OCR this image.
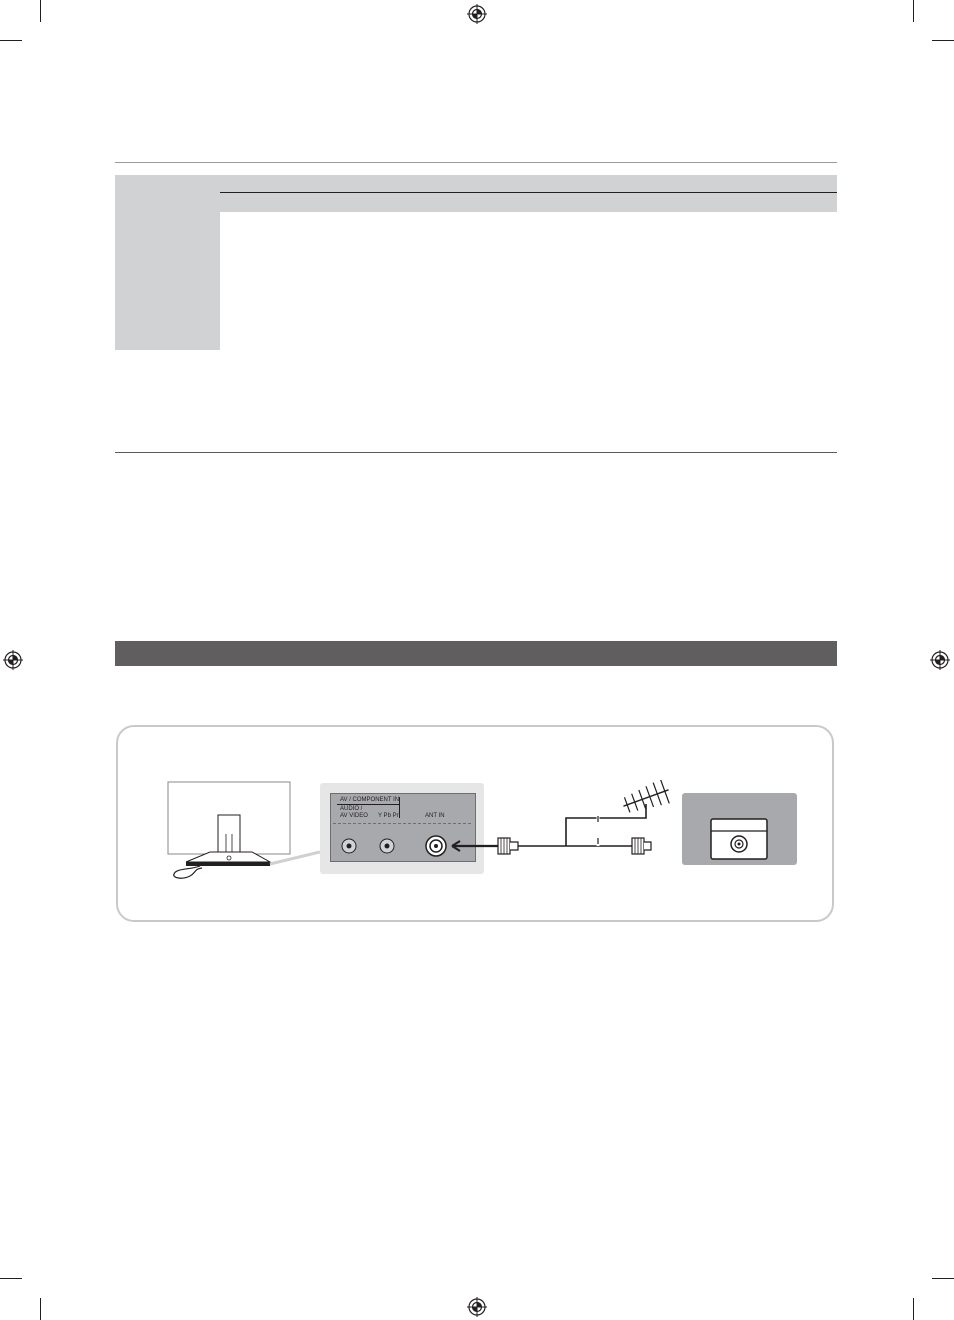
AV / COMPONENT IN
AUDIO /
AV VIDEO Y Pb Pr	ANT IN
